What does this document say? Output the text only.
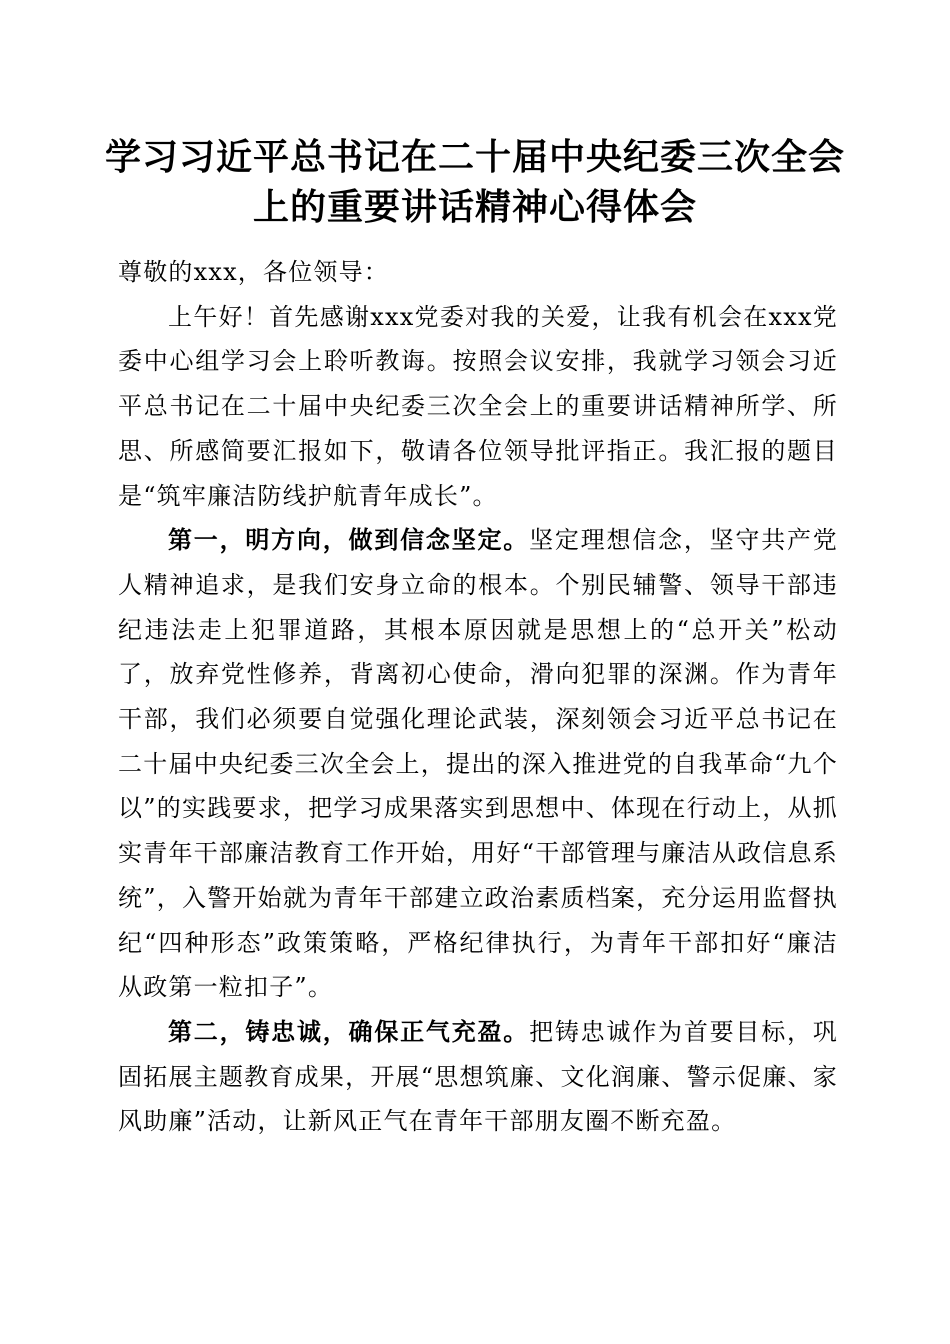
学习习近平总书记在二十届中央纪委三次全会
上的重要讲话精神心得体会

尊敬的xxx，各位领导：

上午好！首先感谢xxx党委对我的关爱，让我有机会在xxx党委中心组学习会上聆听教诲。按照会议安排，我就学习领会习近平总书记在二十届中央纪委三次全会上的重要讲话精神所学、所思、所感简要汇报如下，敬请各位领导批评指正。我汇报的题目是“筑牢廉洁防线护航青年成长”。

第一，明方向，做到信念坚定。坚定理想信念，坚守共产党人精神追求，是我们安身立命的根本。个别民辅警、领导干部违纪违法走上犯罪道路，其根本原因就是思想上的“总开关”松动了，放弃党性修养，背离初心使命，滑向犯罪的深渊。作为青年干部，我们必须要自觉强化理论武装，深刻领会习近平总书记在二十届中央纪委三次全会上，提出的深入推进党的自我革命“九个以”的实践要求，把学习成果落实到思想中、体现在行动上，从抓实青年干部廉洁教育工作开始，用好“干部管理与廉洁从政信息系统”，入警开始就为青年干部建立政治素质档案，充分运用监督执纪“四种形态”政策策略，严格纪律执行，为青年干部扣好“廉洁从政第一粒扣子”。

第二，铸忠诚，确保正气充盈。把铸忠诚作为首要目标，巩固拓展主题教育成果，开展“思想筑廉、文化润廉、警示促廉、家风助廉”活动，让新风正气在青年干部朋友圈不断充盈。
